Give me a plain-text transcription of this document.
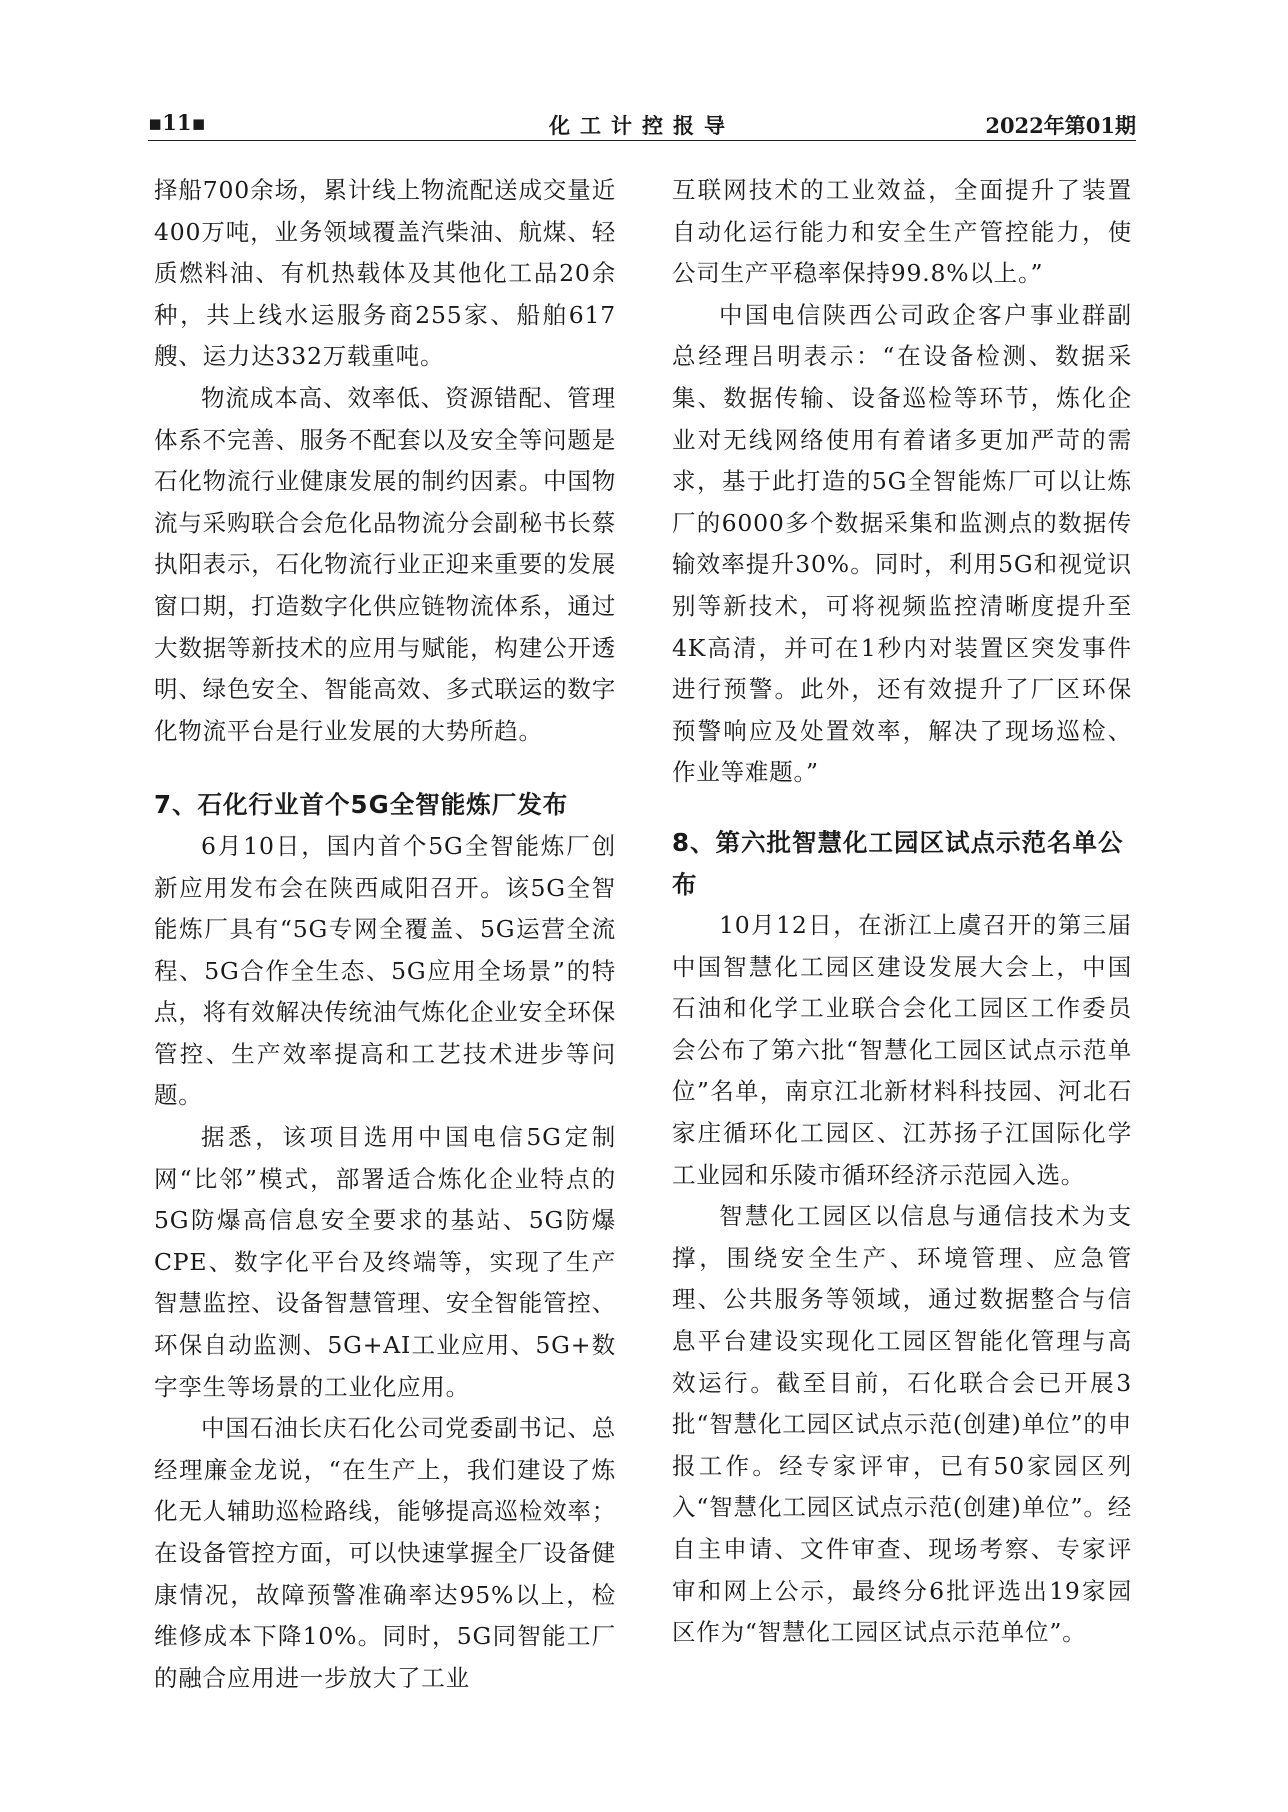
▪11▪	化工计控报导	2022年第01期

择船700余场，累计线上物流配送成交量近400万吨，业务领域覆盖汽柴油、航煤、轻质燃料油、有机热载体及其他化工品20余种，共上线水运服务商255家、船舶617艘、运力达332万载重吨。

物流成本高、效率低、资源错配、管理体系不完善、服务不配套以及安全等问题是石化物流行业健康发展的制约因素。中国物流与采购联合会危化品物流分会副秘书长蔡执阳表示，石化物流行业正迎来重要的发展窗口期，打造数字化供应链物流体系，通过大数据等新技术的应用与赋能，构建公开透明、绿色安全、智能高效、多式联运的数字化物流平台是行业发展的大势所趋。

7、石化行业首个5G全智能炼厂发布

6月10日，国内首个5G全智能炼厂创新应用发布会在陕西咸阳召开。该5G全智能炼厂具有“5G专网全覆盖、5G运营全流程、5G合作全生态、5G应用全场景”的特点，将有效解决传统油气炼化企业安全环保管控、生产效率提高和工艺技术进步等问题。

据悉，该项目选用中国电信5G定制网“比邻”模式，部署适合炼化企业特点的5G防爆高信息安全要求的基站、5G防爆CPE、数字化平台及终端等，实现了生产智慧监控、设备智慧管理、安全智能管控、环保自动监测、5G+AI工业应用、5G+数字孪生等场景的工业化应用。

中国石油长庆石化公司党委副书记、总经理廉金龙说，“在生产上，我们建设了炼化无人辅助巡检路线，能够提高巡检效率；在设备管控方面，可以快速掌握全厂设备健康情况，故障预警准确率达95%以上，检维修成本下降10%。同时，5G同智能工厂的融合应用进一步放大了工业

互联网技术的工业效益，全面提升了装置自动化运行能力和安全生产管控能力，使公司生产平稳率保持99.8%以上。”

中国电信陕西公司政企客户事业群副总经理吕明表示：“在设备检测、数据采集、数据传输、设备巡检等环节，炼化企业对无线网络使用有着诸多更加严苛的需求，基于此打造的5G全智能炼厂可以让炼厂的6000多个数据采集和监测点的数据传输效率提升30%。同时，利用5G和视觉识别等新技术，可将视频监控清晰度提升至4K高清，并可在1秒内对装置区突发事件进行预警。此外，还有效提升了厂区环保预警响应及处置效率，解决了现场巡检、作业等难题。”

8、第六批智慧化工园区试点示范名单公布

10月12日，在浙江上虞召开的第三届中国智慧化工园区建设发展大会上，中国石油和化学工业联合会化工园区工作委员会公布了第六批“智慧化工园区试点示范单位”名单，南京江北新材料科技园、河北石家庄循环化工园区、江苏扬子江国际化学工业园和乐陵市循环经济示范园入选。

智慧化工园区以信息与通信技术为支撑，围绕安全生产、环境管理、应急管理、公共服务等领域，通过数据整合与信息平台建设实现化工园区智能化管理与高效运行。截至目前，石化联合会已开展3批“智慧化工园区试点示范(创建)单位”的申报工作。经专家评审，已有50家园区列入“智慧化工园区试点示范(创建)单位”。经自主申请、文件审查、现场考察、专家评审和网上公示，最终分6批评选出19家园区作为“智慧化工园区试点示范单位”。
